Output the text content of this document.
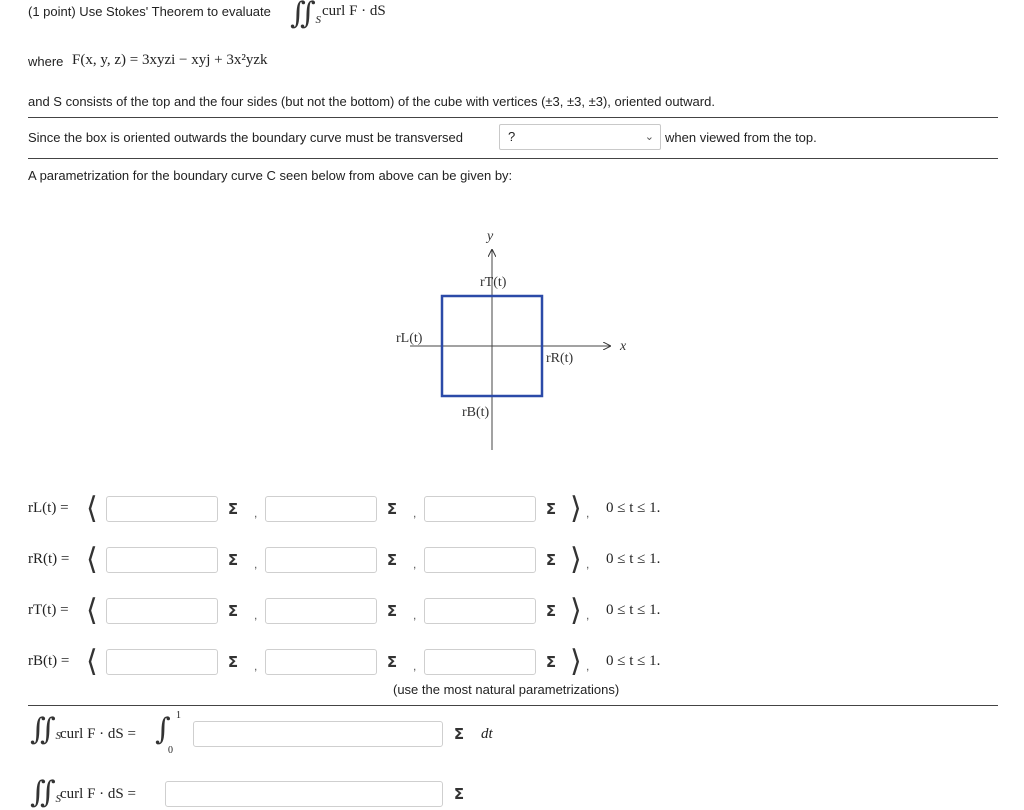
(1 point) Use Stokes' Theorem to evaluate ∬S
curl F · dS
where F(x, y, z) = 3xyzi − xyj + 3x²yzk
and S consists of the top and the four sides (but not the bottom) of the cube with vertices (±3, ±3, ±3), oriented outward.
Since the box is oriented outwards the boundary curve must be transversed	?	⌄ when viewed from the top.
A parametrization for the boundary curve C seen below from above can be given by:
y
x
rT(t)
rL(t)
rR(t)
rB(t)
rL(t) = ⟨	Σ	,	Σ	,	Σ ⟩ , 0 ≤ t ≤ 1.
rR(t) = ⟨	Σ	,	Σ	,	Σ ⟩ , 0 ≤ t ≤ 1.
rT(t) = ⟨	Σ	,	Σ	,	Σ ⟩ , 0 ≤ t ≤ 1.
rB(t) = ⟨	Σ	,	Σ	,	Σ ⟩ , 0 ≤ t ≤ 1.
(use the most natural parametrizations)
∬S
curl F · dS = ∫ 1
0
Σ	dt
∬S
curl F · dS =	Σ
